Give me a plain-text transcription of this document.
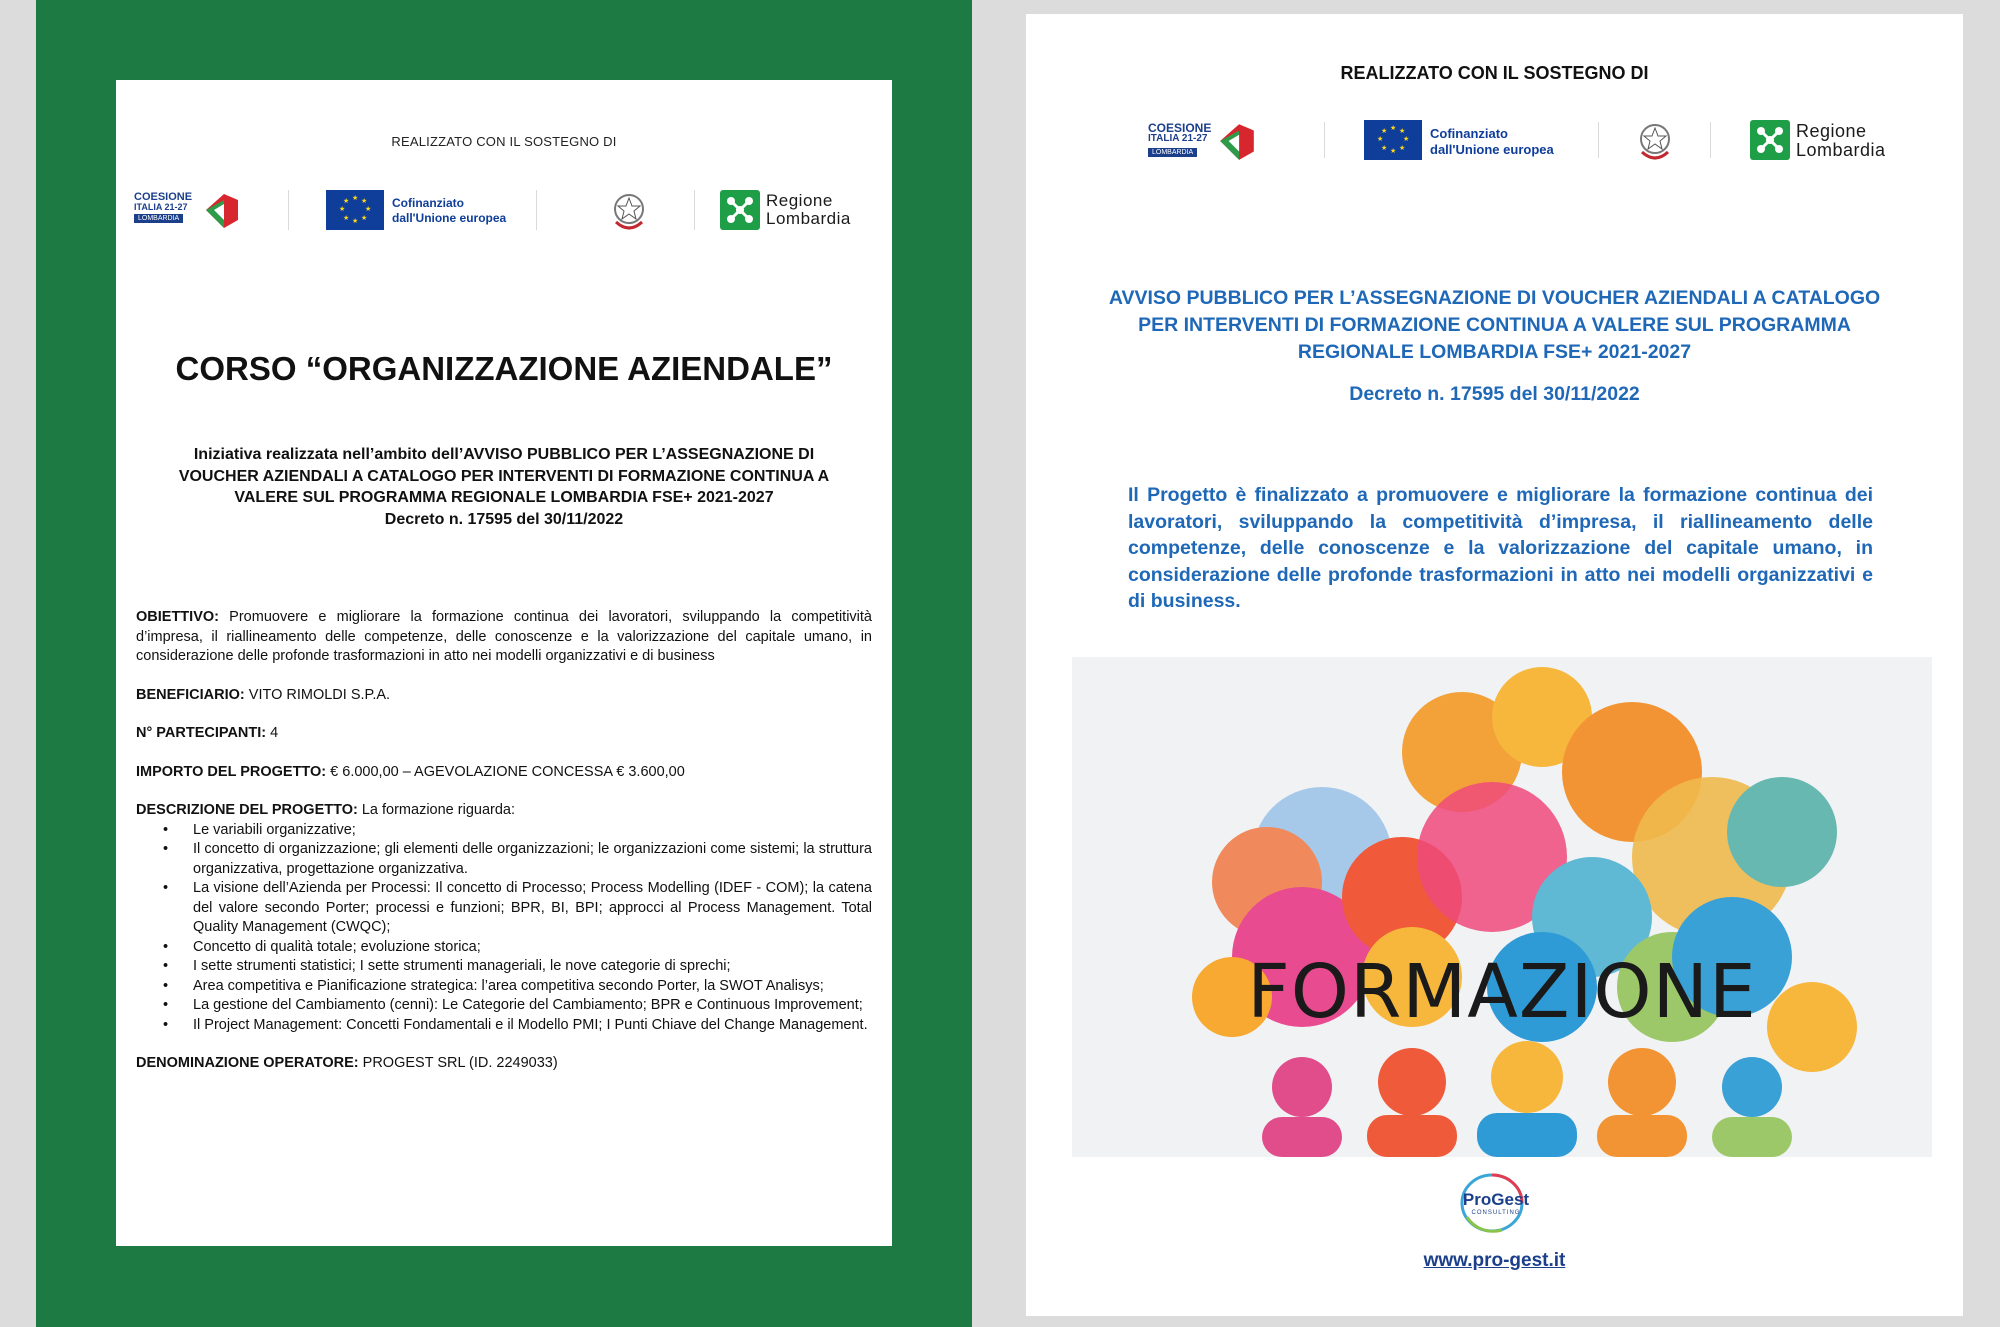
REALIZZATO CON IL SOSTEGNO DI
COESIONE
ITALIA 21-27
LOMBARDIA
★ ★
★
★
★
★
★
★	Cofinanziato
dall'Unione europea
Regione
Lombardia
CORSO “ORGANIZZAZIONE AZIENDALE”
Iniziativa realizzata nell’ambito dell’AVVISO PUBBLICO PER L’ASSEGNAZIONE DI
VOUCHER AZIENDALI A CATALOGO PER INTERVENTI DI FORMAZIONE CONTINUA A
VALERE SUL PROGRAMMA REGIONALE LOMBARDIA FSE+ 2021-2027
Decreto n. 17595 del 30/11/2022
OBIETTIVO: Promuovere e migliorare la formazione continua dei lavoratori, sviluppando la competitività d’impresa, il riallineamento delle competenze, delle conoscenze e la valorizzazione del capitale umano, in considerazione delle profonde trasformazioni in atto nei modelli organizzativi e di business
BENEFICIARIO: VITO RIMOLDI S.P.A.
N° PARTECIPANTI: 4
IMPORTO DEL PROGETTO: € 6.000,00 – AGEVOLAZIONE CONCESSA € 3.600,00
DESCRIZIONE DEL PROGETTO: La formazione riguarda:
• Le variabili organizzative;
• Il concetto di organizzazione; gli elementi delle organizzazioni; le organizzazioni come sistemi; la struttura organizzativa, progettazione organizzativa.
• La visione dell’Azienda per Processi: Il concetto di Processo; Process Modelling (IDEF - COM); la catena del valore secondo Porter; processi e funzioni; BPR, BI, BPI; approcci al Process Management. Total Quality Management (CWQC);
• Concetto di qualità totale; evoluzione storica;
• I sette strumenti statistici; I sette strumenti manageriali, le nove categorie di sprechi;
• Area competitiva e Pianificazione strategica: l’area competitiva secondo Porter, la SWOT Analisys;
• La gestione del Cambiamento (cenni): Le Categorie del Cambiamento; BPR e Continuous Improvement;
• Il Project Management: Concetti Fondamentali e il Modello PMI; I Punti Chiave del Change Management.
DENOMINAZIONE OPERATORE: PROGEST SRL (ID. 2249033)
REALIZZATO CON IL SOSTEGNO DI
COESIONE
ITALIA 21-27
LOMBARDIA
★ ★
★
★
★
★
★
★	Cofinanziato
dall'Unione europea
Regione
Lombardia
AVVISO PUBBLICO PER L’ASSEGNAZIONE DI VOUCHER AZIENDALI A CATALOGO
PER INTERVENTI DI FORMAZIONE CONTINUA A VALERE SUL PROGRAMMA
REGIONALE LOMBARDIA FSE+ 2021-2027
Decreto n. 17595 del 30/11/2022
Il Progetto è finalizzato a promuovere e migliorare la formazione continua dei lavoratori, sviluppando la competitività d’impresa, il riallineamento delle competenze, delle conoscenze e la valorizzazione del capitale umano, in considerazione delle profonde trasformazioni in atto nei modelli organizzativi e di business.
FORMAZIONE
ProGest
CONSULTING
www.pro-gest.it
